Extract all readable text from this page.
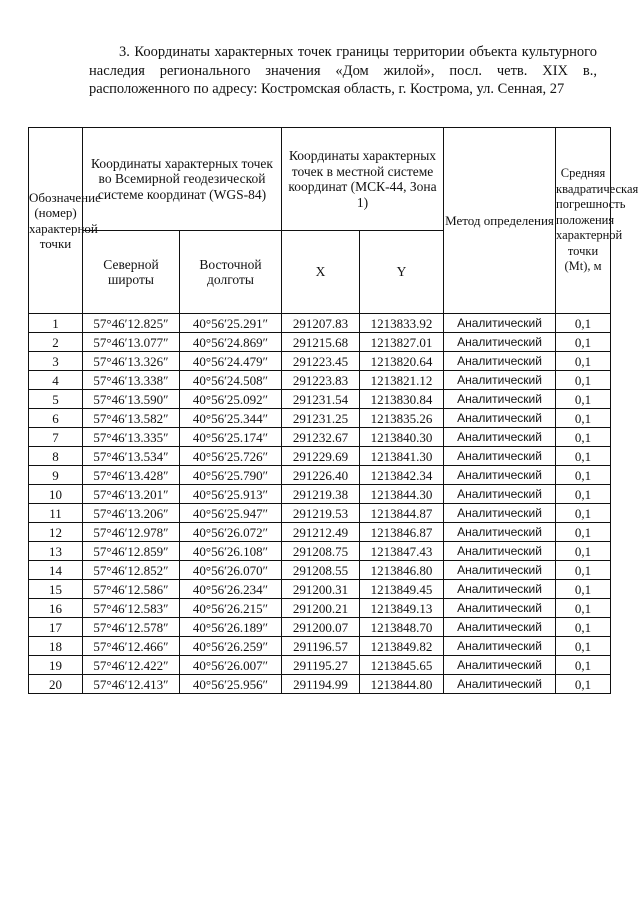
3. Координаты характерных точек границы территории объекта культурного наследия регионального значения «Дом жилой», посл. четв. XIX в., расположенного по адресу: Костромская область, г. Кострома, ул. Сенная, 27
Обозначение (номер) характерной точки	Координаты характерных точек во Всемирной геодезической системе координат (WGS-84)		Координаты характерных точек в местной системе координат (МСК-44, Зона 1)		Метод определения	Средняя квадратическая погрешность положения характерной точки (Mt), м
	Северной широты	Восточной долготы	X	Y		
1	57°46′12.825″	40°56′25.291″	291207.83	1213833.92	Аналитический	0,1
2	57°46′13.077″	40°56′24.869″	291215.68	1213827.01	Аналитический	0,1
3	57°46′13.326″	40°56′24.479″	291223.45	1213820.64	Аналитический	0,1
4	57°46′13.338″	40°56′24.508″	291223.83	1213821.12	Аналитический	0,1
5	57°46′13.590″	40°56′25.092″	291231.54	1213830.84	Аналитический	0,1
6	57°46′13.582″	40°56′25.344″	291231.25	1213835.26	Аналитический	0,1
7	57°46′13.335″	40°56′25.174″	291232.67	1213840.30	Аналитический	0,1
8	57°46′13.534″	40°56′25.726″	291229.69	1213841.30	Аналитический	0,1
9	57°46′13.428″	40°56′25.790″	291226.40	1213842.34	Аналитический	0,1
10	57°46′13.201″	40°56′25.913″	291219.38	1213844.30	Аналитический	0,1
11	57°46′13.206″	40°56′25.947″	291219.53	1213844.87	Аналитический	0,1
12	57°46′12.978″	40°56′26.072″	291212.49	1213846.87	Аналитический	0,1
13	57°46′12.859″	40°56′26.108″	291208.75	1213847.43	Аналитический	0,1
14	57°46′12.852″	40°56′26.070″	291208.55	1213846.80	Аналитический	0,1
15	57°46′12.586″	40°56′26.234″	291200.31	1213849.45	Аналитический	0,1
16	57°46′12.583″	40°56′26.215″	291200.21	1213849.13	Аналитический	0,1
17	57°46′12.578″	40°56′26.189″	291200.07	1213848.70	Аналитический	0,1
18	57°46′12.466″	40°56′26.259″	291196.57	1213849.82	Аналитический	0,1
19	57°46′12.422″	40°56′26.007″	291195.27	1213845.65	Аналитический	0,1
20	57°46′12.413″	40°56′25.956″	291194.99	1213844.80	Аналитический	0,1
